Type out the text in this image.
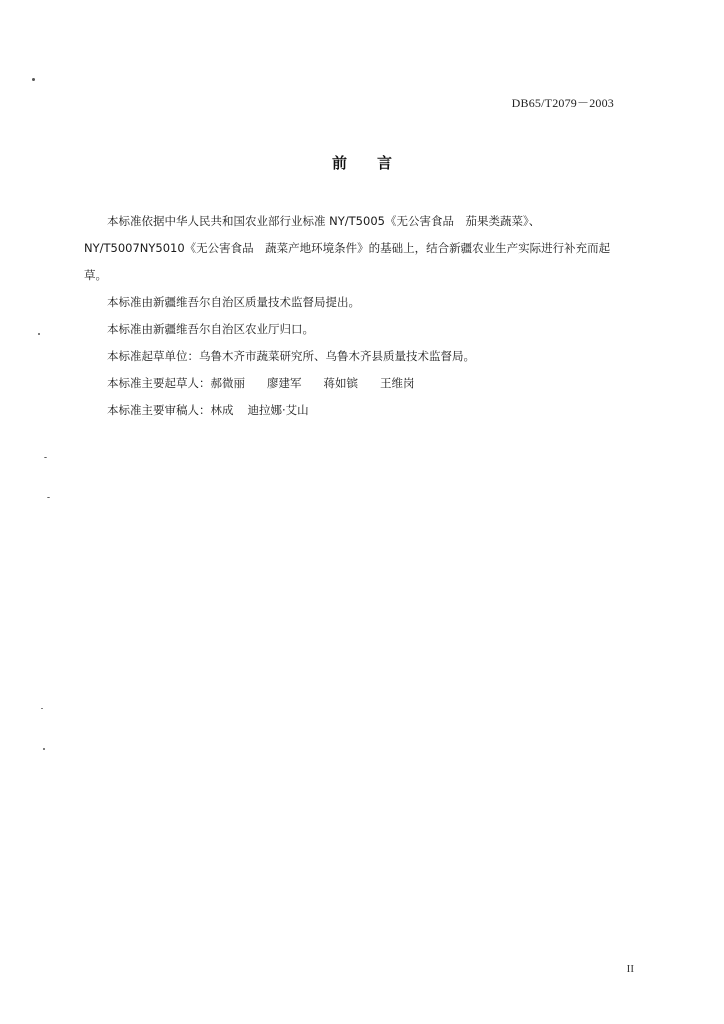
DB65/T2079－2003
前言

本标准依据中华人民共和国农业部行业标准 NY/T5005《无公害食品　茄果类蔬菜》、
NY/T5007NY5010《无公害食品　蔬菜产地环境条件》的基础上，结合新疆农业生产实际进行补充而起
草。

本标准由新疆维吾尔自治区质量技术监督局提出。

本标准由新疆维吾尔自治区农业厅归口。

本标准起草单位：乌鲁木齐市蔬菜研究所、乌鲁木齐县质量技术监督局。

本标准主要起草人：郝微丽 廖建军 蒋如镔 王维岗

本标准主要审稿人：林成 迪拉娜·艾山

II
